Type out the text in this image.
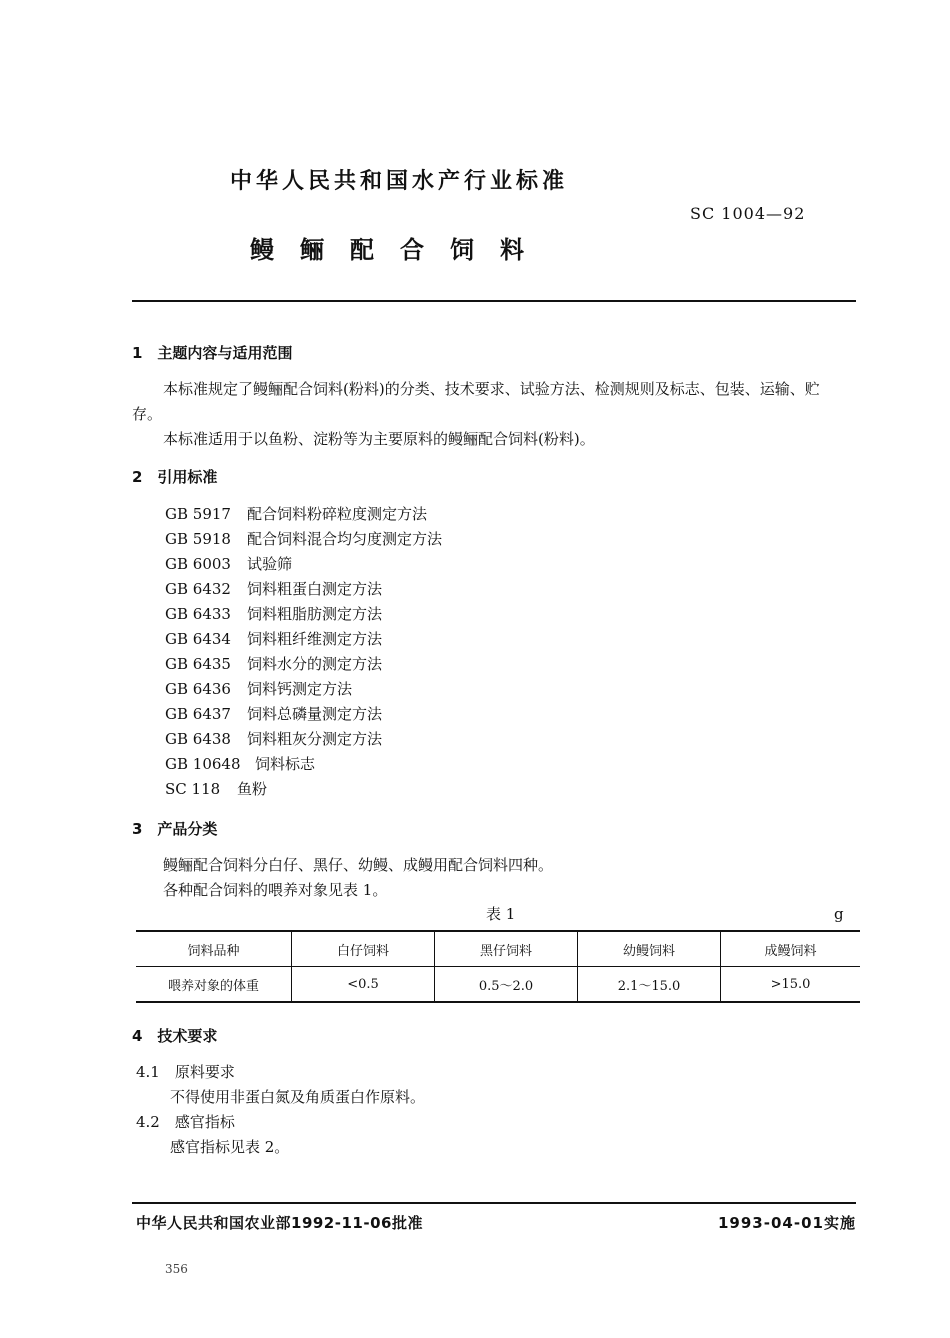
中华人民共和国水产行业标准
SC 1004—92
鳗鲡配合饲料
1　主题内容与适用范围
本标准规定了鳗鲡配合饲料(粉料)的分类、技术要求、试验方法、检测规则及标志、包装、运输、贮
存。
本标准适用于以鱼粉、淀粉等为主要原料的鳗鲡配合饲料(粉料)。
2　引用标准
GB 5917 配合饲料粉碎粒度测定方法
GB 5918 配合饲料混合均匀度测定方法
GB 6003 试验筛
GB 6432 饲料粗蛋白测定方法
GB 6433 饲料粗脂肪测定方法
GB 6434 饲料粗纤维测定方法
GB 6435 饲料水分的测定方法
GB 6436 饲料钙测定方法
GB 6437 饲料总磷量测定方法
GB 6438 饲料粗灰分测定方法
GB 10648 饲料标志
SC 118 鱼粉
3　产品分类
鳗鲡配合饲料分白仔、黑仔、幼鳗、成鳗用配合饲料四种。
各种配合饲料的喂养对象见表 1。
表 1	g
饲料品种	白仔饲料	黑仔饲料	幼鳗饲料	成鳗饲料
喂养对象的体重	<0.5	0.5～2.0	2.1～15.0	>15.0
4　技术要求
4.1　原料要求
不得使用非蛋白氮及角质蛋白作原料。
4.2　感官指标
感官指标见表 2。
中华人民共和国农业部1992-11-06批准	1993-04-01实施
356
